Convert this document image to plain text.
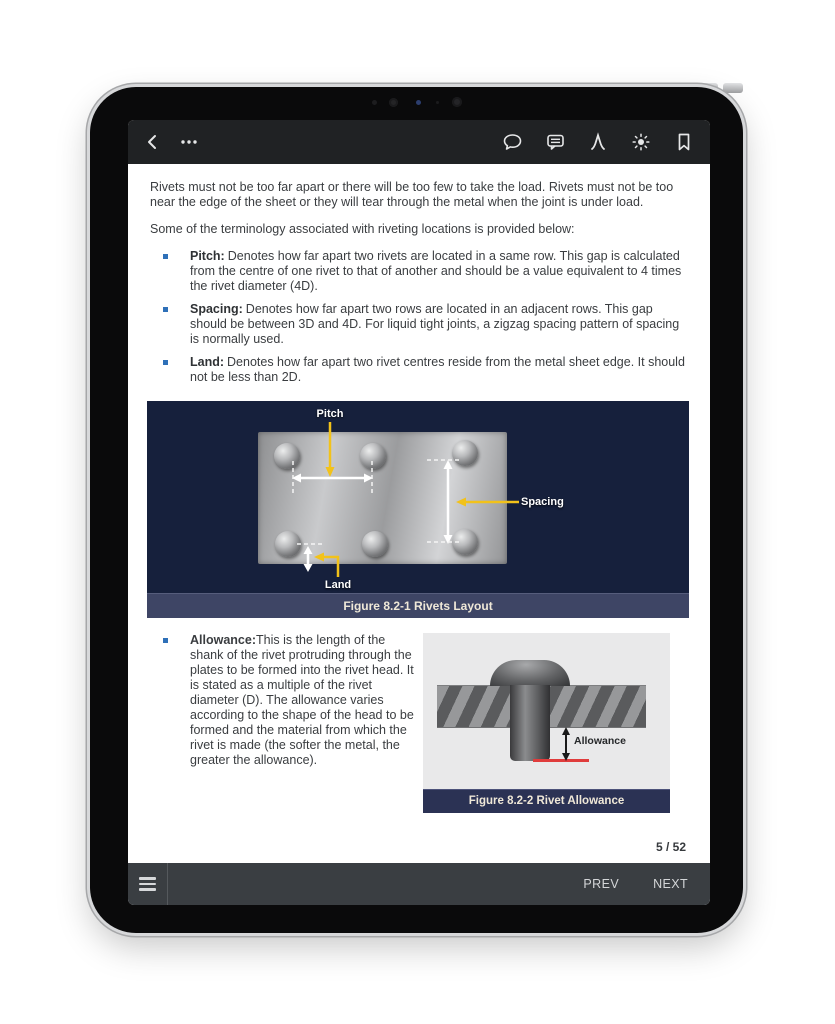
Rivets must not be too far apart or there will be too few to take the load. Rivets must not be too near the edge of the sheet or they will tear through the metal when the joint is under load.

Some of the terminology associated with riveting locations is provided below:

Pitch: Denotes how far apart two rivets are located in a same row. This gap is calculated from the centre of one rivet to that of another and should be a value equivalent to 4 times the rivet diameter (4D).
Spacing: Denotes how far apart two rows are located in an adjacent rows. This gap should be between 3D and 4D. For liquid tight joints, a zigzag spacing pattern of spacing is normally used.
Land: Denotes how far apart two rivet centres reside from the metal sheet edge. It should not be less than 2D.
Pitch
Spacing
Land
Figure 8.2-1 Rivets Layout
Allowance:This is the length of the shank of the rivet protruding through the plates to be formed into the rivet head. It is stated as a multiple of the rivet diameter (D). The allowance varies according to the shape of the head to be formed and the material from which the rivet is made (the softer the metal, the greater the allowance).
Allowance
Figure 8.2-2 Rivet Allowance
5 / 52
PREV	NEXT
